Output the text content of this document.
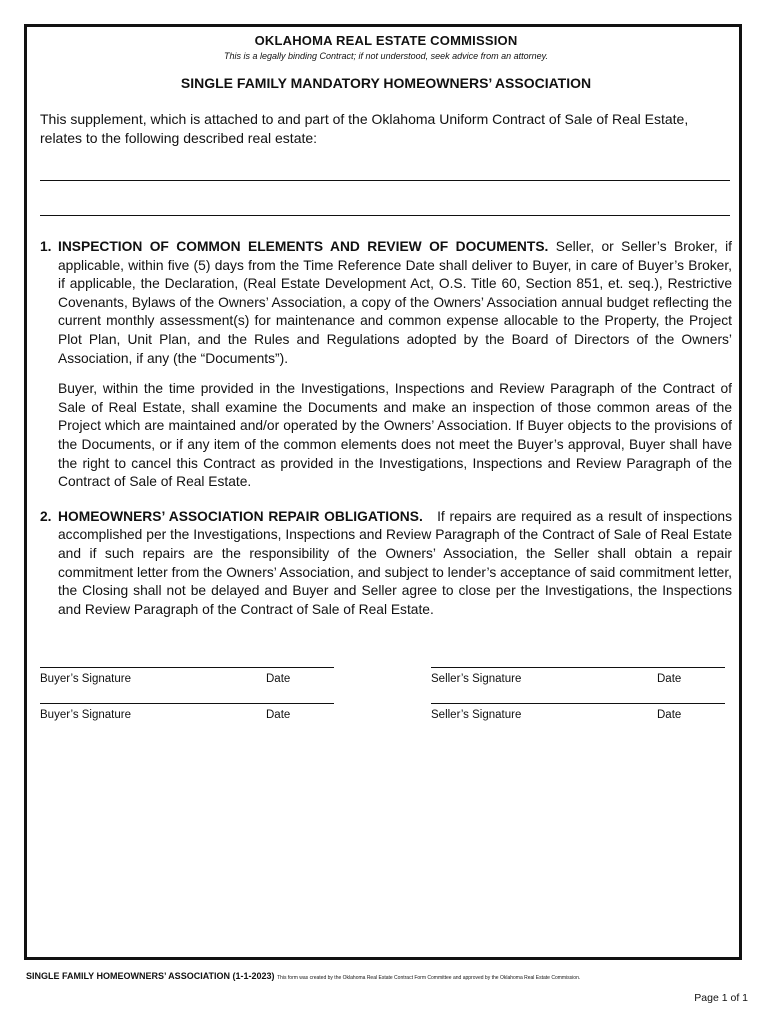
OKLAHOMA REAL ESTATE COMMISSION

This is a legally binding Contract; if not understood, seek advice from an attorney.

SINGLE FAMILY MANDATORY HOMEOWNERS’ ASSOCIATION

This supplement, which is attached to and part of the Oklahoma Uniform Contract of Sale of Real Estate, relates to the following described real estate:

1. INSPECTION OF COMMON ELEMENTS AND REVIEW OF DOCUMENTS. Seller, or Seller’s Broker, if applicable, within five (5) days from the Time Reference Date shall deliver to Buyer, in care of Buyer’s Broker, if applicable, the Declaration, (Real Estate Development Act, O.S. Title 60, Section 851, et. seq.), Restrictive Covenants, Bylaws of the Owners’ Association, a copy of the Owners’ Association annual budget reflecting the current monthly assessment(s) for maintenance and common expense allocable to the Property, the Project Plot Plan, Unit Plan, and the Rules and Regulations adopted by the Board of Directors of the Owners’ Association, if any (the “Documents”).

Buyer, within the time provided in the Investigations, Inspections and Review Paragraph of the Contract of Sale of Real Estate, shall examine the Documents and make an inspection of those common areas of the Project which are maintained and/or operated by the Owners’ Association. If Buyer objects to the provisions of the Documents, or if any item of the common elements does not meet the Buyer’s approval, Buyer shall have the right to cancel this Contract as provided in the Investigations, Inspections and Review Paragraph of the Contract of Sale of Real Estate.

2. HOMEOWNERS’ ASSOCIATION REPAIR OBLIGATIONS. If repairs are required as a result of inspections accomplished per the Investigations, Inspections and Review Paragraph of the Contract of Sale of Real Estate and if such repairs are the responsibility of the Owners’ Association, the Seller shall obtain a repair commitment letter from the Owners’ Association, and subject to lender’s acceptance of said commitment letter, the Closing shall not be delayed and Buyer and Seller agree to close per the Investigations, the Inspections and Review Paragraph of the Contract of Sale of Real Estate.

Buyer’s Signature	Date	Seller’s Signature	Date
Buyer’s Signature	Date	Seller’s Signature	Date
SINGLE FAMILY HOMEOWNERS’ ASSOCIATION (1-1-2023) This form was created by the Oklahoma Real Estate Contract Form Committee and approved by the Oklahoma Real Estate Commission.
Page 1 of 1
